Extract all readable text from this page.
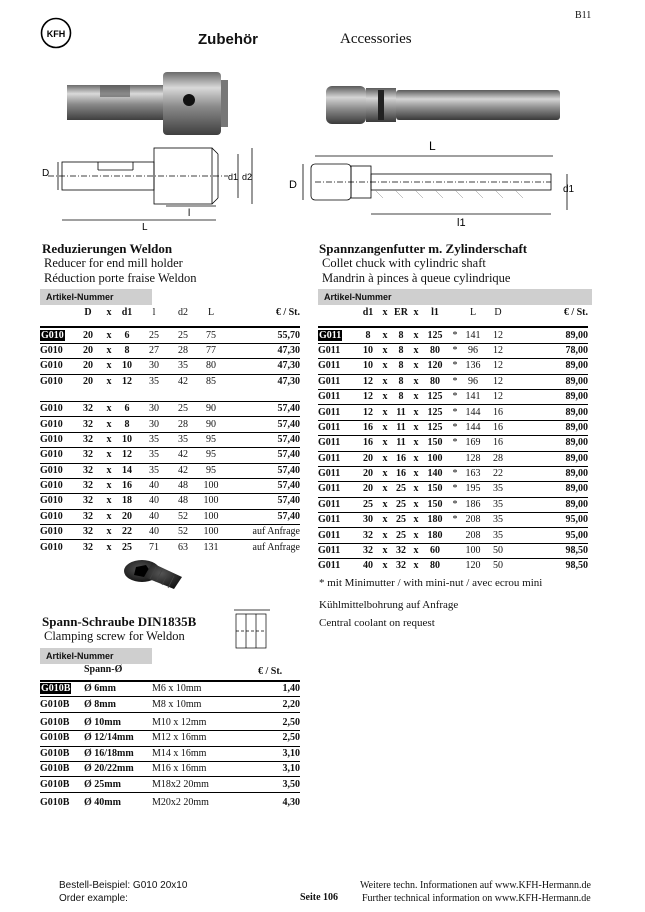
B11
KFH	Zubehör	Accessories
D
l
L
d1 d2
L
D	d1
l1
Reduzierungen Weldon
Reducer for end mill holder
Réduction porte fraise Weldon
Artikel-Nummer
	D	x	d1	l	d2	L	€ / St.

G010	20	x	6	25	25	75	55,70
G010	20	x	8	27	28	77	47,30
G010	20	x	10	30	35	80	47,30
G010	20	x	12	35	42	85	47,30

G010	32	x	6	30	25	90	57,40
G010	32	x	8	30	28	90	57,40
G010	32	x	10	35	35	95	57,40
G010	32	x	12	35	42	95	57,40
G010	32	x	14	35	42	95	57,40
G010	32	x	16	40	48	100	57,40
G010	32	x	18	40	48	100	57,40
G010	32	x	20	40	52	100	57,40
G010	32	x	22	40	52	100	auf Anfrage
G010	32	x	25	71	63	131	auf Anfrage
Spannzangenfutter m. Zylinderschaft
Collet chuck with cylindric shaft
Mandrin à pinces à queue cylindrique
Artikel-Nummer
	d1	x	ER	x	l1		L	D	€ / St.

G011	8	x	8	x	125	*	141	12	89,00
G011	10	x	8	x	80	*	96	12	78,00
G011	10	x	8	x	120	*	136	12	89,00
G011	12	x	8	x	80	*	96	12	89,00
G011	12	x	8	x	125	*	141	12	89,00
G011	12	x	11	x	125	*	144	16	89,00
G011	16	x	11	x	125	*	144	16	89,00
G011	16	x	11	x	150	*	169	16	89,00
G011	20	x	16	x	100		128	28	89,00
G011	20	x	16	x	140	*	163	22	89,00
G011	20	x	25	x	150	*	195	35	89,00
G011	25	x	25	x	150	*	186	35	89,00
G011	30	x	25	x	180	*	208	35	95,00
G011	32	x	25	x	180		208	35	95,00
G011	32	x	32	x	60		100	50	98,50
G011	40	x	32	x	80		120	50	98,50
* mit Minimutter / with mini-nut / avec ecrou mini
Kühlmittelbohrung auf Anfrage
Central coolant on request
Spann-Schraube DIN1835B
Clamping screw for Weldon
Artikel-Nummer
Spann-Ø	€ / St.
G010B	Ø 6mm	M6 x 10mm	1,40
G010B	Ø 8mm	M8 x 10mm	2,20
G010B	Ø 10mm	M10 x 12mm	2,50
G010B	Ø 12/14mm	M12 x 16mm	2,50
G010B	Ø 16/18mm	M14 x 16mm	3,10
G010B	Ø 20/22mm	M16 x 16mm	3,10
G010B	Ø 25mm	M18x2 20mm	3,50
G010B	Ø 40mm	M20x2 20mm	4,30
Bestell-Beispiel: G010 20x10
Order example:	Seite 106
Weitere techn. Informationen auf www.KFH-Hermann.de
Further technical information on www.KFH-Hermann.de
